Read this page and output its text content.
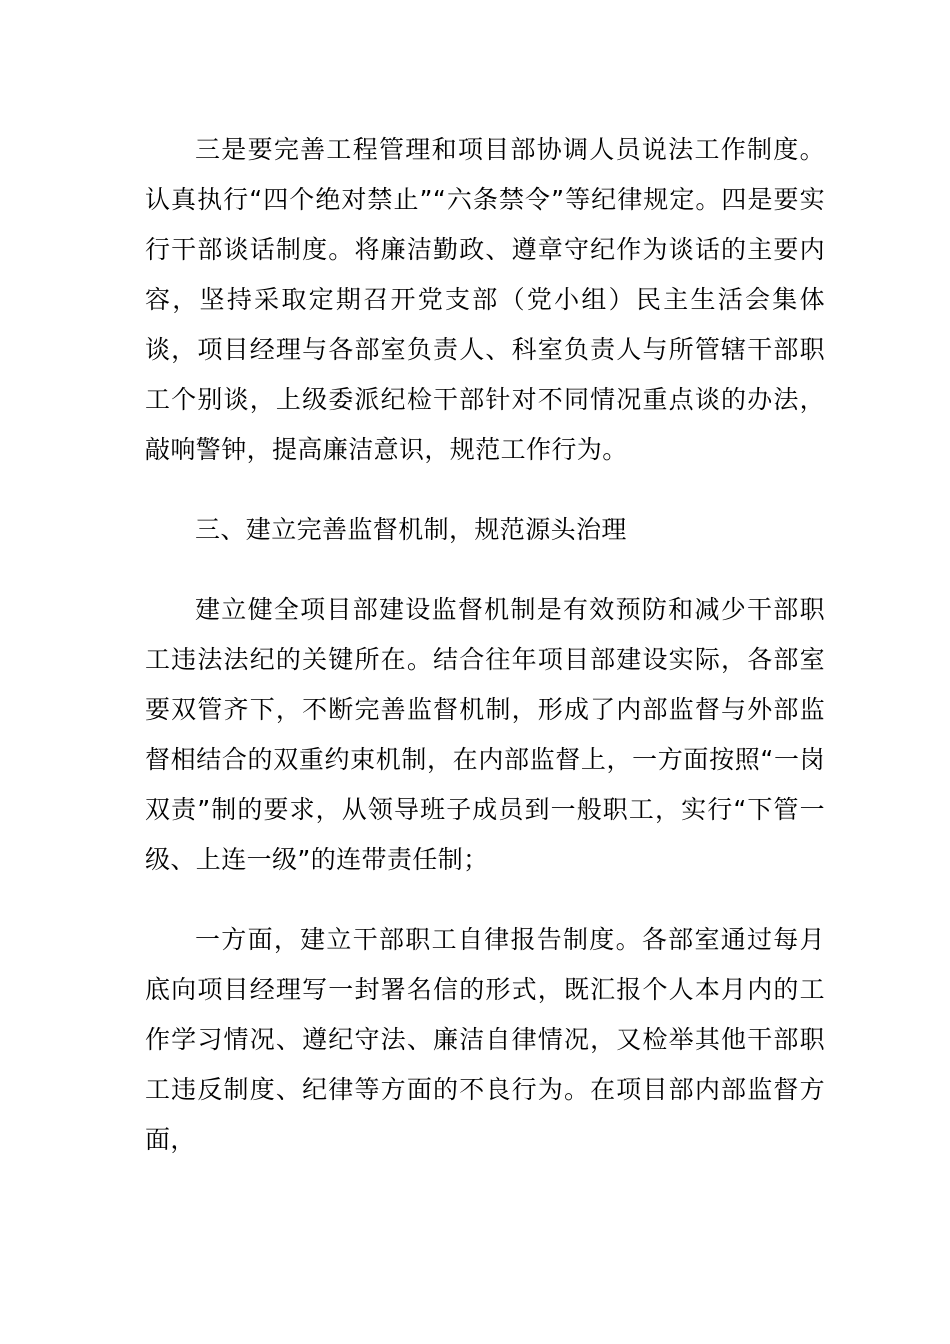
三是要完善工程管理和项目部协调人员说法工作制度。认真执行“四个绝对禁止”“六条禁令”等纪律规定。四是要实行干部谈话制度。将廉洁勤政、遵章守纪作为谈话的主要内容，坚持采取定期召开党支部（党小组）民主生活会集体谈，项目经理与各部室负责人、科室负责人与所管辖干部职工个别谈，上级委派纪检干部针对不同情况重点谈的办法，敲响警钟，提高廉洁意识，规范工作行为。

三、建立完善监督机制，规范源头治理

建立健全项目部建设监督机制是有效预防和减少干部职工违法法纪的关键所在。结合往年项目部建设实际，各部室要双管齐下，不断完善监督机制，形成了内部监督与外部监督相结合的双重约束机制，在内部监督上，一方面按照“一岗双责”制的要求，从领导班子成员到一般职工，实行“下管一级、上连一级”的连带责任制；

一方面，建立干部职工自律报告制度。各部室通过每月底向项目经理写一封署名信的形式，既汇报个人本月内的工作学习情况、遵纪守法、廉洁自律情况，又检举其他干部职工违反制度、纪律等方面的不良行为。在项目部内部监督方面，
